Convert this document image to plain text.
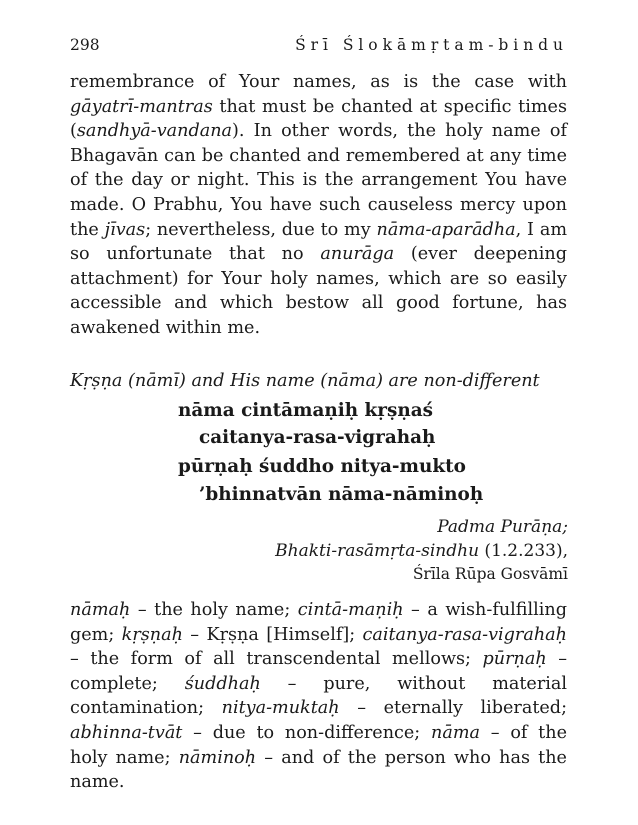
298	Śrī Ślokāmṛtam-bindu

remembrance of Your names, as is the case with gāyatrī-mantras that must be chanted at specific times (sandhyā-vandana). In other words, the holy name of Bhagavān can be chanted and remembered at any time of the day or night. This is the arrangement You have made. O Prabhu, You have such causeless mercy upon the jīvas; nevertheless, due to my nāma-aparādha, I am so unfortunate that no anurāga (ever deepening attachment) for Your holy names, which are so easily accessible and which bestow all good fortune, has awakened within me.

Kṛṣṇa (nāmī) and His name (nāma) are non-different
nāma cintāmaṇiḥ kṛṣṇaś
caitanya-rasa-vigrahaḥ
pūrṇaḥ śuddho nitya-mukto
’bhinnatvān nāma-nāminoḥ
Padma Purāṇa;
Bhakti-rasāmṛta-sindhu (1.2.233),
Śrīla Rūpa Gosvāmī

nāmaḥ – the holy name; cintā-maṇiḥ – a wish-fulfilling gem; kṛṣṇaḥ – Kṛṣṇa [Himself]; caitanya-rasa-vigrahaḥ – the form of all transcendental mellows; pūrṇaḥ – complete; śuddhaḥ – pure, without material contamination; nitya-muktaḥ – eternally liberated; abhinna-tvāt – due to non-difference; nāma – of the holy name; nāminoḥ – and of the person who has the name.
